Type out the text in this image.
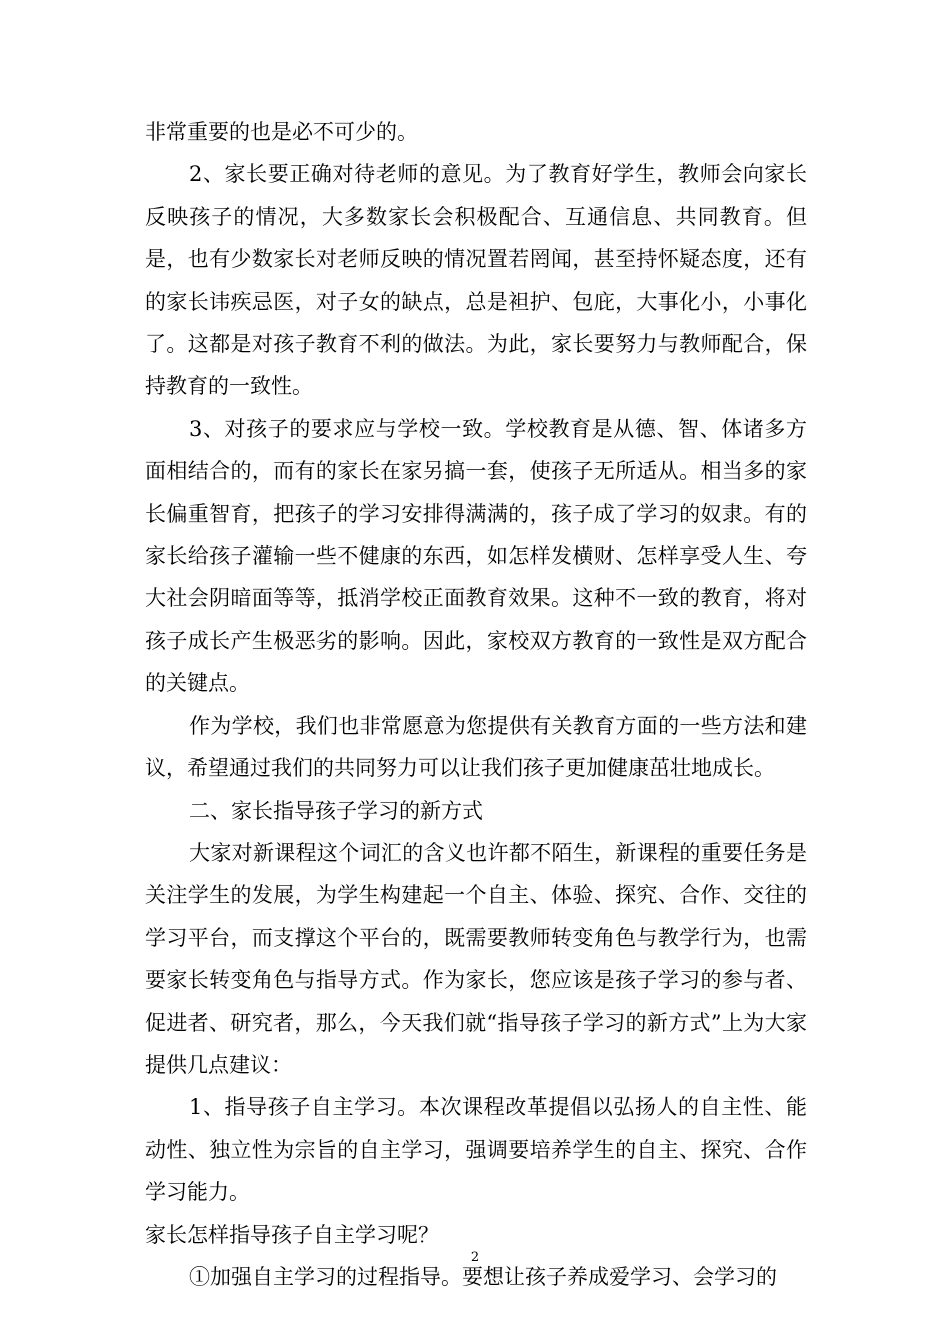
非常重要的也是必不可少的。

2、家长要正确对待老师的意见。为了教育好学生，教师会向家长反映孩子的情况，大多数家长会积极配合、互通信息、共同教育。但是，也有少数家长对老师反映的情况置若罔闻，甚至持怀疑态度，还有的家长讳疾忌医，对子女的缺点，总是袒护、包庇，大事化小，小事化了。这都是对孩子教育不利的做法。为此，家长要努力与教师配合，保持教育的一致性。

3、对孩子的要求应与学校一致。学校教育是从德、智、体诸多方面相结合的，而有的家长在家另搞一套，使孩子无所适从。相当多的家长偏重智育，把孩子的学习安排得满满的，孩子成了学习的奴隶。有的家长给孩子灌输一些不健康的东西，如怎样发横财、怎样享受人生、夸大社会阴暗面等等，抵消学校正面教育效果。这种不一致的教育，将对孩子成长产生极恶劣的影响。因此，家校双方教育的一致性是双方配合的关键点。

作为学校，我们也非常愿意为您提供有关教育方面的一些方法和建议，希望通过我们的共同努力可以让我们孩子更加健康茁壮地成长。

二、家长指导孩子学习的新方式

大家对新课程这个词汇的含义也许都不陌生，新课程的重要任务是关注学生的发展，为学生构建起一个自主、体验、探究、合作、交往的学习平台，而支撑这个平台的，既需要教师转变角色与教学行为，也需要家长转变角色与指导方式。作为家长，您应该是孩子学习的参与者、促进者、研究者，那么，今天我们就“指导孩子学习的新方式”上为大家提供几点建议：

1、指导孩子自主学习。本次课程改革提倡以弘扬人的自主性、能动性、独立性为宗旨的自主学习，强调要培养学生的自主、探究、合作学习能力。

家长怎样指导孩子自主学习呢？

①加强自主学习的过程指导。要想让孩子养成爱学习、会学习的

2
